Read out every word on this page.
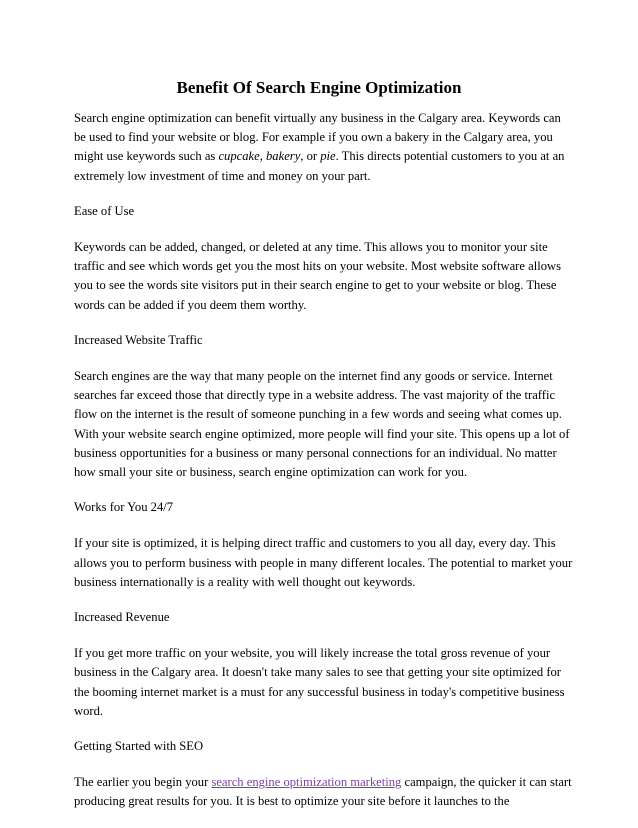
Benefit Of Search Engine Optimization

Search engine optimization can benefit virtually any business in the Calgary area. Keywords can be used to find your website or blog. For example if you own a bakery in the Calgary area, you might use keywords such as cupcake, bakery, or pie. This directs potential customers to you at an extremely low investment of time and money on your part.

Ease of Use

Keywords can be added, changed, or deleted at any time. This allows you to monitor your site traffic and see which words get you the most hits on your website. Most website software allows you to see the words site visitors put in their search engine to get to your website or blog. These words can be added if you deem them worthy.

Increased Website Traffic

Search engines are the way that many people on the internet find any goods or service. Internet searches far exceed those that directly type in a website address. The vast majority of the traffic flow on the internet is the result of someone punching in a few words and seeing what comes up. With your website search engine optimized, more people will find your site. This opens up a lot of business opportunities for a business or many personal connections for an individual. No matter how small your site or business, search engine optimization can work for you.

Works for You 24/7

If your site is optimized, it is helping direct traffic and customers to you all day, every day. This allows you to perform business with people in many different locales. The potential to market your business internationally is a reality with well thought out keywords.

Increased Revenue

If you get more traffic on your website, you will likely increase the total gross revenue of your business in the Calgary area. It doesn't take many sales to see that getting your site optimized for the booming internet market is a must for any successful business in today's competitive business word.

Getting Started with SEO

The earlier you begin your search engine optimization marketing campaign, the quicker it can start producing great results for you. It is best to optimize your site before it launches to the
